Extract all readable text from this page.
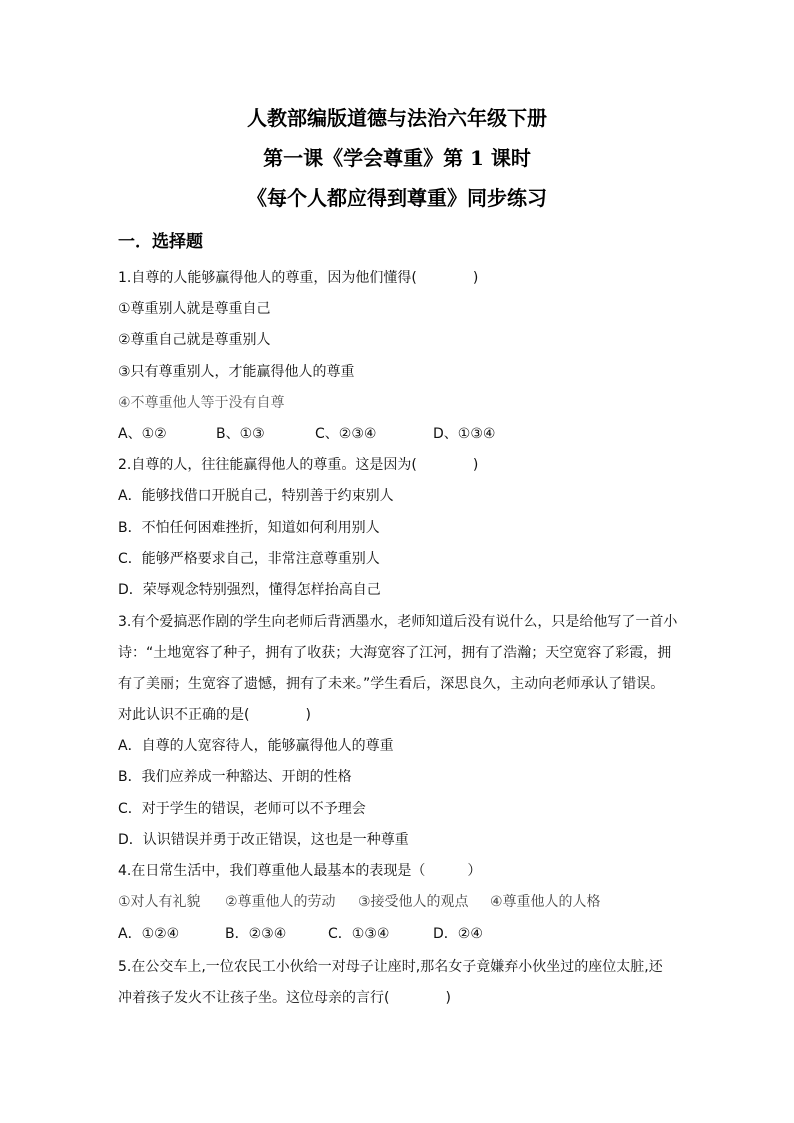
人教部编版道德与法治六年级下册
第一课《学会尊重》第 1 课时
《每个人都应得到尊重》同步练习
一．选择题
1.自尊的人能够赢得他人的尊重，因为他们懂得(　　　　)
①尊重别人就是尊重自己
②尊重自己就是尊重别人
③只有尊重别人，才能赢得他人的尊重
④不尊重他人等于没有自尊
A、①②	B、①③	C、②③④	D、①③④
2.自尊的人，往往能赢得他人的尊重。这是因为(　　　　)
A．能够找借口开脱自己，特别善于约束别人
B．不怕任何困难挫折，知道如何利用别人
C．能够严格要求自己，非常注意尊重别人
D．荣辱观念特别强烈，懂得怎样抬高自己
3.有个爱搞恶作剧的学生向老师后背洒墨水，老师知道后没有说什么，只是给他写了一首小
诗：“土地宽容了种子，拥有了收获；大海宽容了江河，拥有了浩瀚；天空宽容了彩霞，拥
有了美丽；生宽容了遗憾，拥有了未来。”学生看后，深思良久，主动向老师承认了错误。
对此认识不正确的是(　　　　)
A．自尊的人宽容待人，能够赢得他人的尊重
B．我们应养成一种豁达、开朗的性格
C．对于学生的错误，老师可以不予理会
D．认识错误并勇于改正错误，这也是一种尊重
4.在日常生活中，我们尊重他人最基本的表现是（　　　）
①对人有礼貌 ②尊重他人的劳动 ③接受他人的观点 ④尊重他人的人格
A．①②④	B．②③④	C．①③④	D．②④
5.在公交车上,一位农民工小伙给一对母子让座时,那名女子竟嫌弃小伙坐过的座位太脏,还
冲着孩子发火不让孩子坐。这位母亲的言行(　　　　)
